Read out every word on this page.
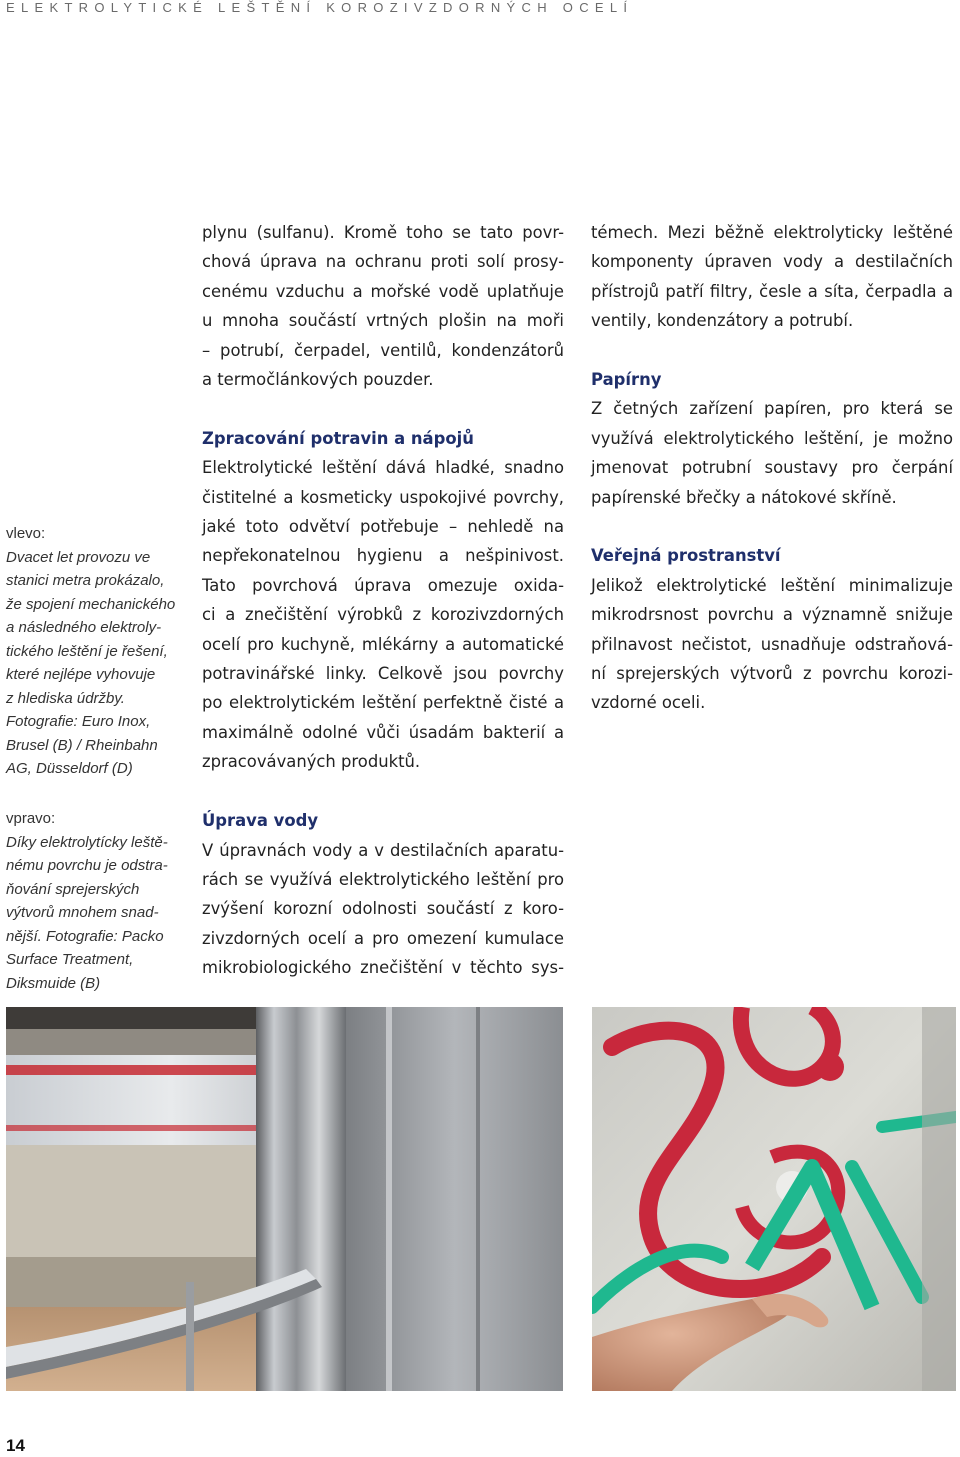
ELEKTROLYTICKÉ LEŠTĚNÍ KOROZIVZDORNÝCH OCELÍ
vlevo:
Dvacet let provozu ve
stanici metra prokázalo,
že spojení mechanického
a následného elektroly-
tického leštění je řešení,
které nejlépe vyhovuje
z hlediska údržby.
Fotografie: Euro Inox,
Brusel (B) / Rheinbahn
AG, Düsseldorf (D)
vpravo:
Díky elektrolytícky leště-
nému povrchu je odstra-
ňování sprejerských
výtvorů mnohem snad-
nější. Fotografie: Packo
Surface Treatment,
Diksmuide (B)
plynu (sulfanu). Kromě toho se tato povr-
chová úprava na ochranu proti solí prosy-
cenému vzduchu a mořské vodě uplatňuje
u mnoha součástí vrtných plošin na moři
– potrubí, čerpadel, ventilů, kondenzátorů
a termočlánkových pouzder.
Zpracování potravin a nápojů
Elektrolytické leštění dává hladké, snadno
čistitelné a kosmeticky uspokojivé povrchy,
jaké toto odvětví potřebuje – nehledě na
nepřekonatelnou hygienu a nešpinivost.
Tato povrchová úprava omezuje oxida-
ci a znečištění výrobků z korozivzdorných
ocelí pro kuchyně, mlékárny a automatické
potravinářské linky. Celkově jsou povrchy
po elektrolytickém leštění perfektně čisté a
maximálně odolné vůči úsadám bakterií a
zpracovávaných produktů.
Úprava vody
V úpravnách vody a v destilačních aparatu-
rách se využívá elektrolytického leštění pro
zvýšení korozní odolnosti součástí z koro-
zivzdorných ocelí a pro omezení kumulace
mikrobiologického znečištění v těchto sys-
témech. Mezi běžně elektrolyticky leštěné
komponenty úpraven vody a destilačních
přístrojů patří filtry, česle a síta, čerpadla a
ventily, kondenzátory a potrubí.
Papírny
Z četných zařízení papíren, pro která se
využívá elektrolytického leštění, je možno
jmenovat potrubní soustavy pro čerpání
papírenské břečky a nátokové skříně.
Veřejná prostranství
Jelikož elektrolytické leštění minimalizuje
mikrodrsnost povrchu a významně snižuje
přilnavost nečistot, usnadňuje odstraňová-
ní sprejerských výtvorů z povrchu korozi-
vzdorné oceli.
14
